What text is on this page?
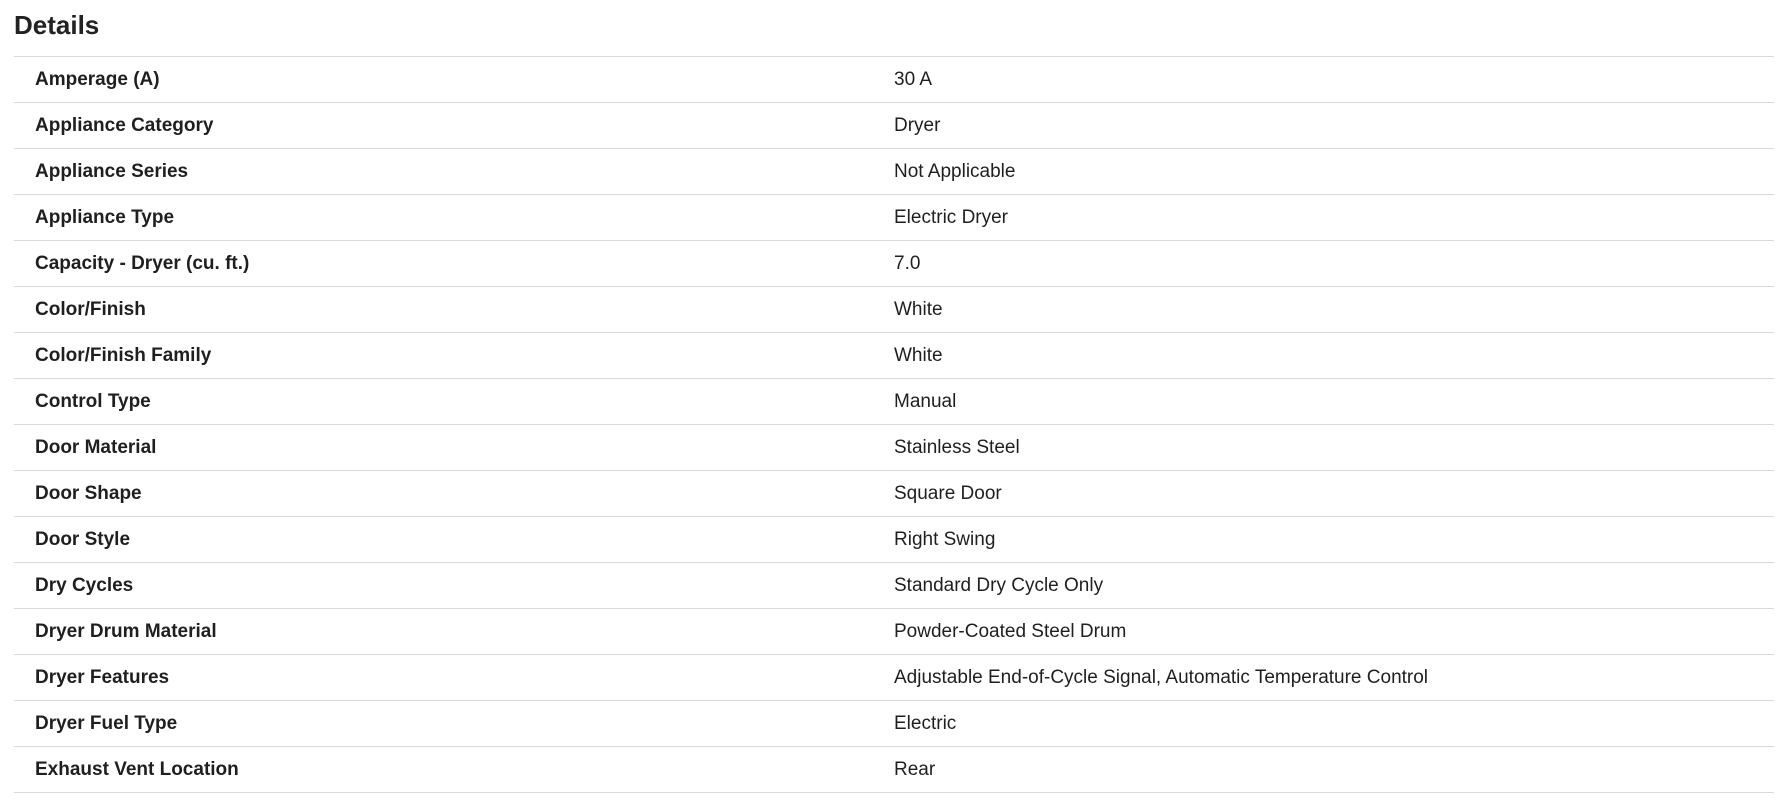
Details
Amperage (A)	30 A
Appliance Category	Dryer
Appliance Series	Not Applicable
Appliance Type	Electric Dryer
Capacity - Dryer (cu. ft.)	7.0
Color/Finish	White
Color/Finish Family	White
Control Type	Manual
Door Material	Stainless Steel
Door Shape	Square Door
Door Style	Right Swing
Dry Cycles	Standard Dry Cycle Only
Dryer Drum Material	Powder-Coated Steel Drum
Dryer Features	Adjustable End-of-Cycle Signal, Automatic Temperature Control
Dryer Fuel Type	Electric
Exhaust Vent Location	Rear
